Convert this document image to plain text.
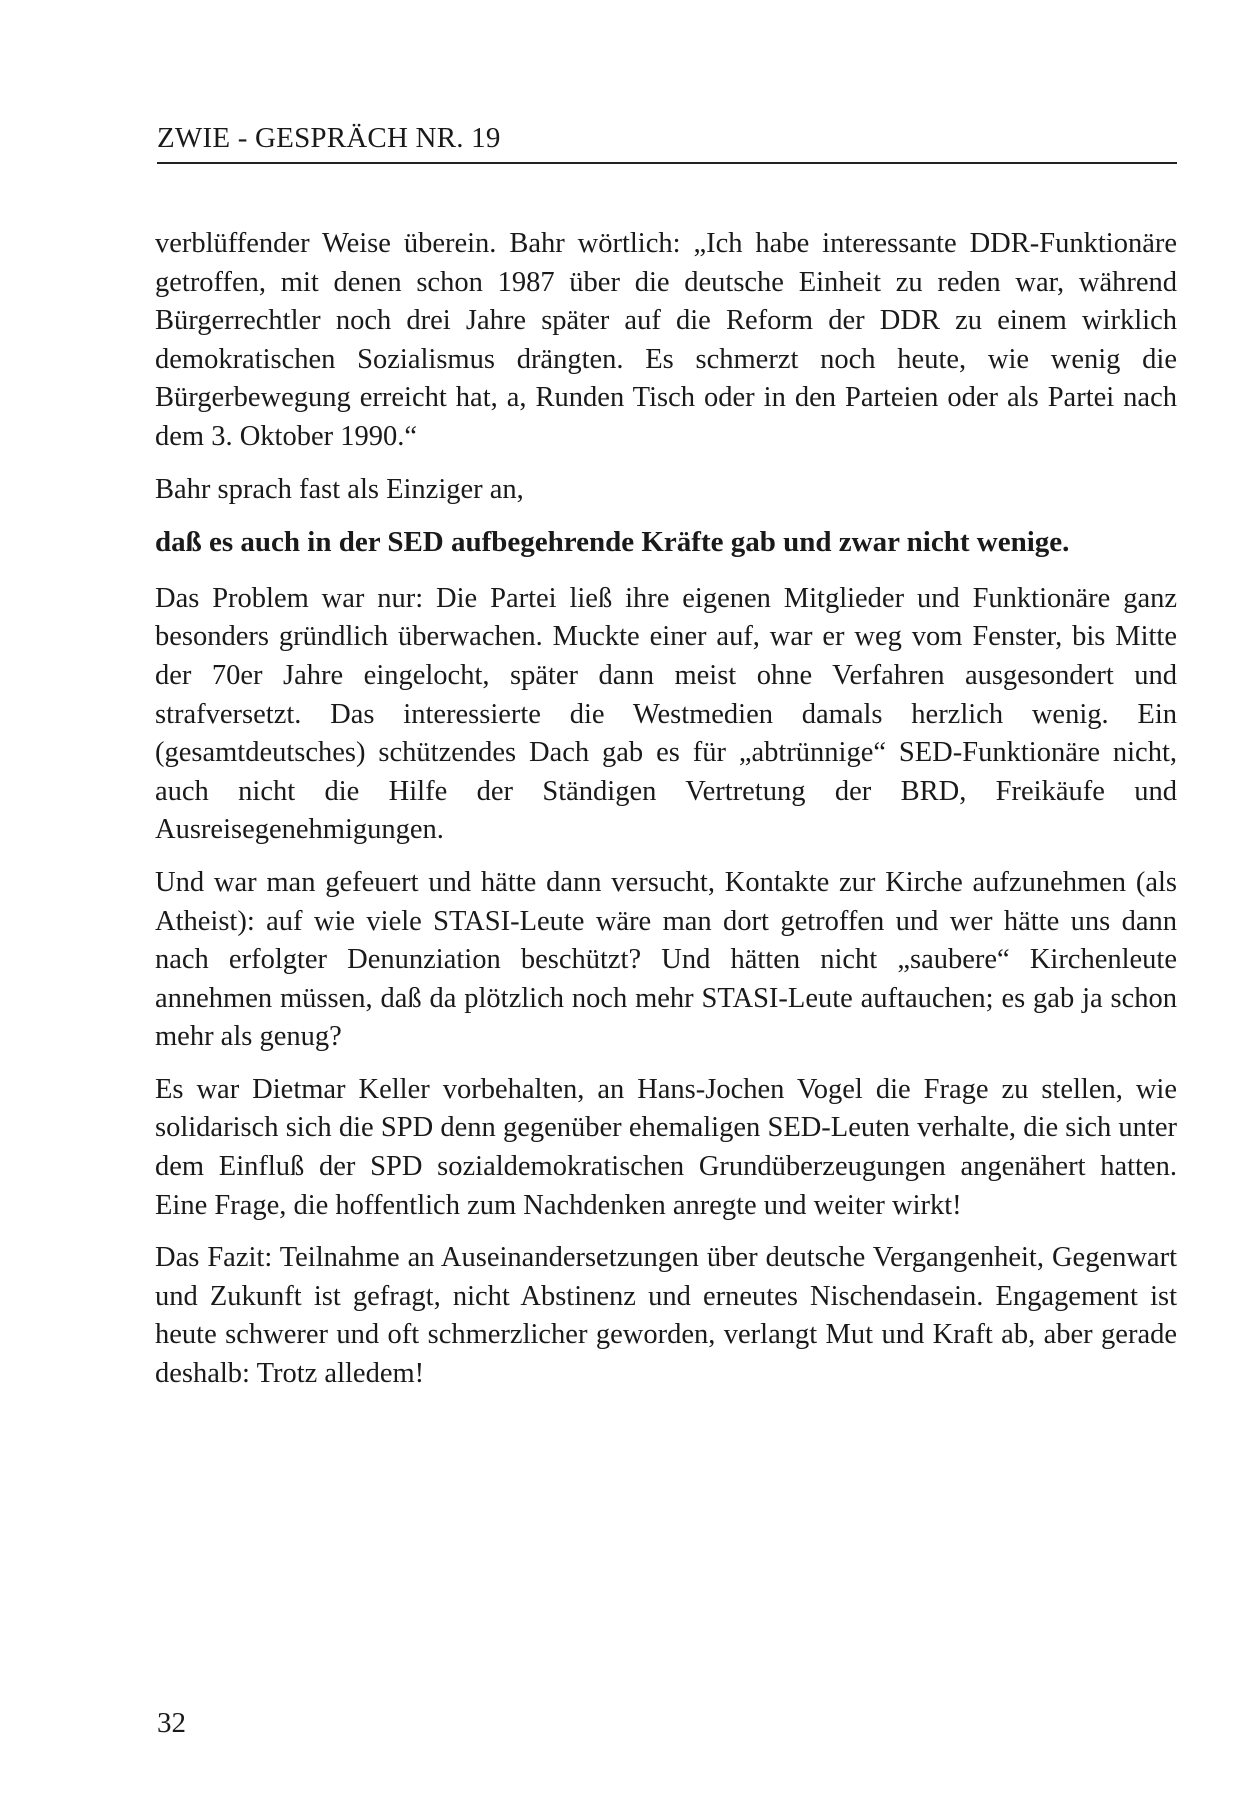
ZWIE - GESPRÄCH NR. 19

verblüffender Weise überein. Bahr wörtlich: „Ich habe interessante DDR-Funktionäre getroffen, mit denen schon 1987 über die deutsche Einheit zu reden war, während Bürgerrechtler noch drei Jahre später auf die Reform der DDR zu einem wirklich demokratischen Sozialismus drängten. Es schmerzt noch heute, wie wenig die Bürgerbewegung erreicht hat, a, Runden Tisch oder in den Parteien oder als Partei nach dem 3. Oktober 1990.“

Bahr sprach fast als Einziger an,

daß es auch in der SED aufbegehrende Kräfte gab und zwar nicht wenige.

Das Problem war nur: Die Partei ließ ihre eigenen Mitglieder und Funktionäre ganz besonders gründlich überwachen. Muckte einer auf, war er weg vom Fenster, bis Mitte der 70er Jahre eingelocht, später dann meist ohne Verfahren ausgesondert und strafversetzt. Das interessierte die Westmedien damals herzlich wenig. Ein (gesamtdeutsches) schützendes Dach gab es für „abtrünnige“ SED-Funktionäre nicht, auch nicht die Hilfe der Ständigen Vertretung der BRD, Freikäufe und Ausreisegenehmigungen.

Und war man gefeuert und hätte dann versucht, Kontakte zur Kirche aufzunehmen (als Atheist): auf wie viele STASI-Leute wäre man dort getroffen und wer hätte uns dann nach erfolgter Denunziation beschützt? Und hätten nicht „saubere“ Kirchenleute annehmen müssen, daß da plötzlich noch mehr STASI-Leute auftauchen; es gab ja schon mehr als genug?

Es war Dietmar Keller vorbehalten, an Hans-Jochen Vogel die Frage zu stellen, wie solidarisch sich die SPD denn gegenüber ehemaligen SED-Leuten verhalte, die sich unter dem Einfluß der SPD sozialdemokratischen Grundüberzeugungen angenähert hatten. Eine Frage, die hoffentlich zum Nachdenken anregte und weiter wirkt!

Das Fazit: Teilnahme an Auseinandersetzungen über deutsche Vergangenheit, Gegenwart und Zukunft ist gefragt, nicht Abstinenz und erneutes Nischendasein. Engagement ist heute schwerer und oft schmerzlicher geworden, verlangt Mut und Kraft ab, aber gerade deshalb: Trotz alledem!

32
